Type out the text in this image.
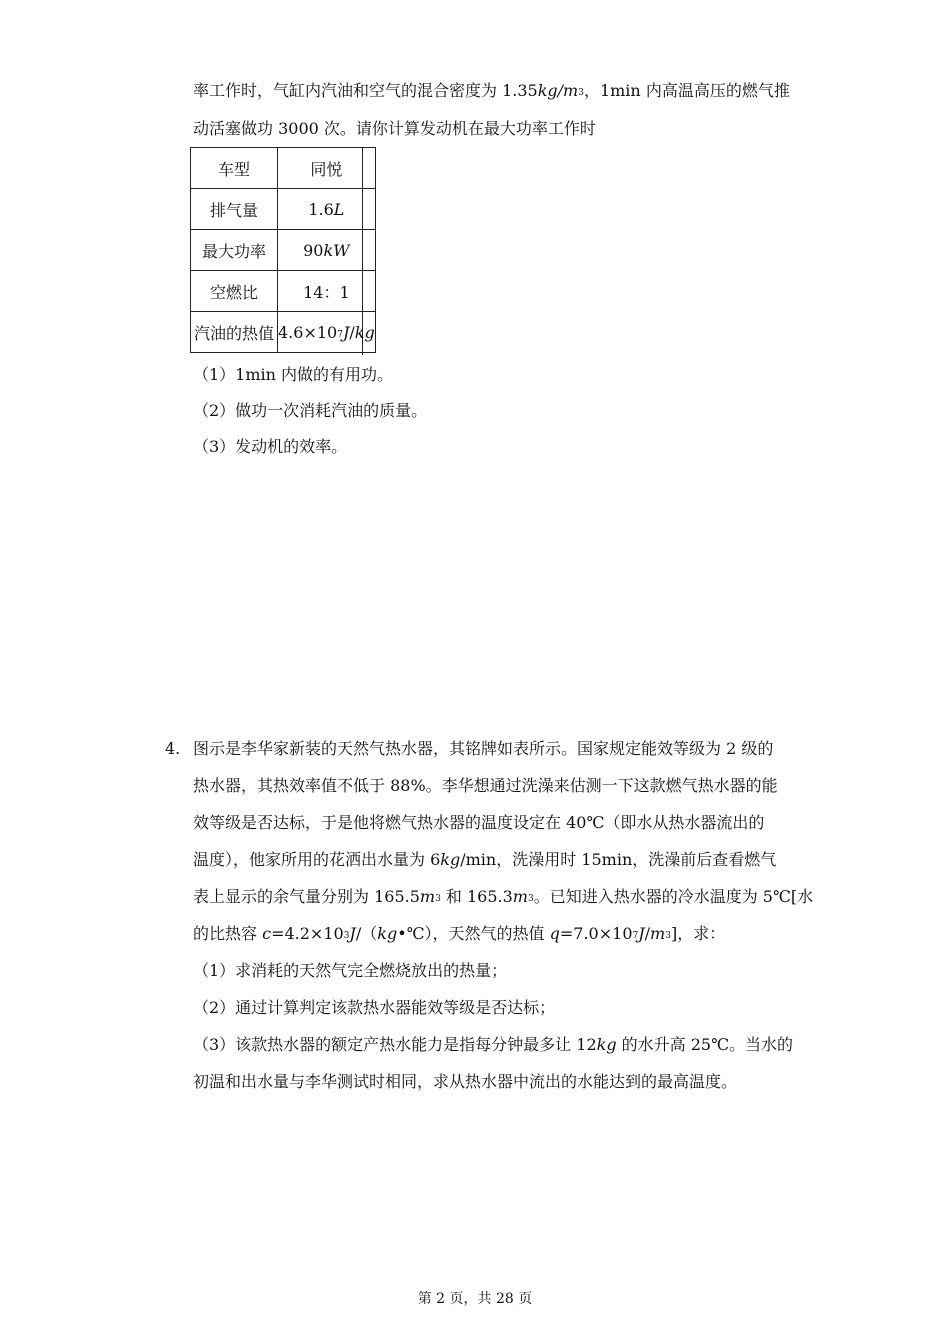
率工作时，气缸内汽油和空气的混合密度为 $1.35kg/m^3$，1min 内高温高压的燃气推
动活塞做功 3000 次。请你计算发动机在最大功率工作时
车型	同悦
排气量	1.6L
最大功率	90kW
空燃比	14：1
汽油的热值	$4.6\times 10^7J/kg$
（1）1min 内做的有用功。
（2）做功一次消耗汽油的质量。
（3）发动机的效率。
4. 图示是李华家新装的天然气热水器，其铭牌如表所示。国家规定能效等级为 2 级的
热水器，其热效率值不低于 88%。李华想通过洗澡来估测一下这款燃气热水器的能
效等级是否达标，于是他将燃气热水器的温度设定在 40℃（即水从热水器流出的
温度），他家所用的花洒出水量为 6kg/min，洗澡用时 15min，洗澡前后查看燃气
表上显示的余气量分别为 $165.5m^3$ 和 $165.3m^3$。已知进入热水器的冷水温度为 5℃[水
的比热容 $c=4.2\times 10^3J/(kg•℃)$，天然气的热值 $q=7.0\times 10^7J/m^3$]，求：
（1）求消耗的天然气完全燃烧放出的热量；
（2）通过计算判定该款热水器能效等级是否达标；
（3）该款热水器的额定产热水能力是指每分钟最多让 12kg 的水升高 25℃。当水的
初温和出水量与李华测试时相同，求从热水器中流出的水能达到的最高温度。
第 2 页，共 28 页
